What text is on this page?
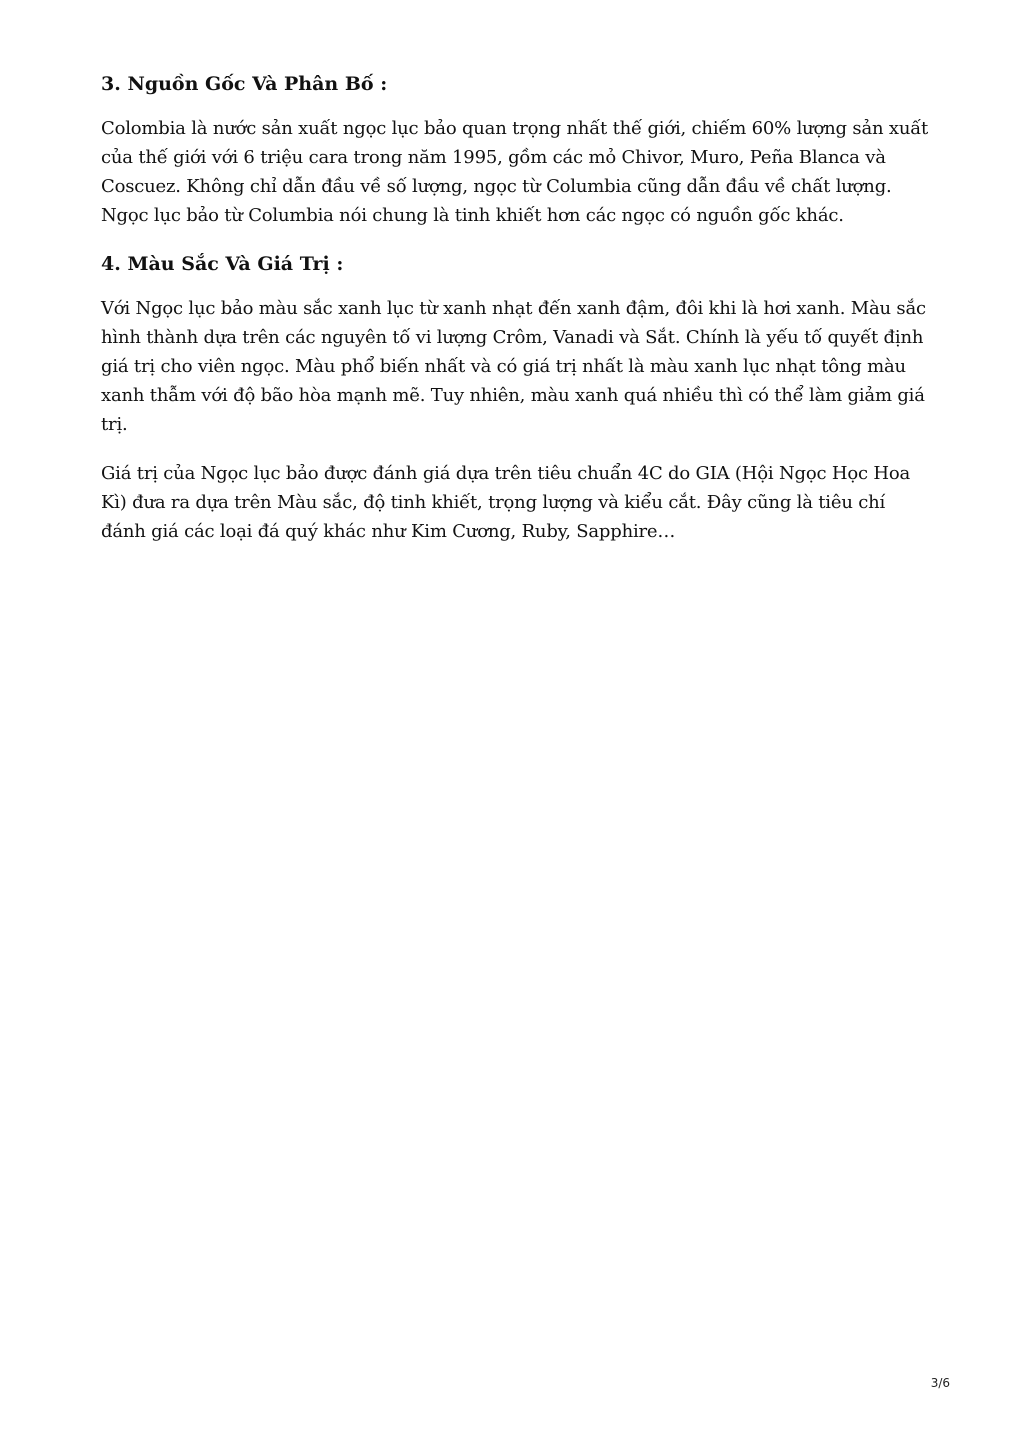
3. Nguồn Gốc Và Phân Bố :

Colombia là nước sản xuất ngọc lục bảo quan trọng nhất thế giới, chiếm 60% lượng sản xuất của thế giới với 6 triệu cara trong năm 1995, gồm các mỏ Chivor, Muro, Peña Blanca và Coscuez. Không chỉ dẫn đầu về số lượng, ngọc từ Columbia cũng dẫn đầu về chất lượng. Ngọc lục bảo từ Columbia nói chung là tinh khiết hơn các ngọc có nguồn gốc khác.

4. Màu Sắc Và Giá Trị :

Với Ngọc lục bảo màu sắc xanh lục từ xanh nhạt đến xanh đậm, đôi khi là hơi xanh. Màu sắc hình thành dựa trên các nguyên tố vi lượng Crôm, Vanadi và Sắt. Chính là yếu tố quyết định giá trị cho viên ngọc. Màu phổ biến nhất và có giá trị nhất là màu xanh lục nhạt tông màu xanh thẫm với độ bão hòa mạnh mẽ. Tuy nhiên, màu xanh quá nhiều thì có thể làm giảm giá trị.

Giá trị của Ngọc lục bảo được đánh giá dựa trên tiêu chuẩn 4C do GIA (Hội Ngọc Học Hoa Kì) đưa ra dựa trên Màu sắc, độ tinh khiết, trọng lượng và kiểu cắt. Đây cũng là tiêu chí đánh giá các loại đá quý khác như Kim Cương, Ruby, Sapphire…

3/6
